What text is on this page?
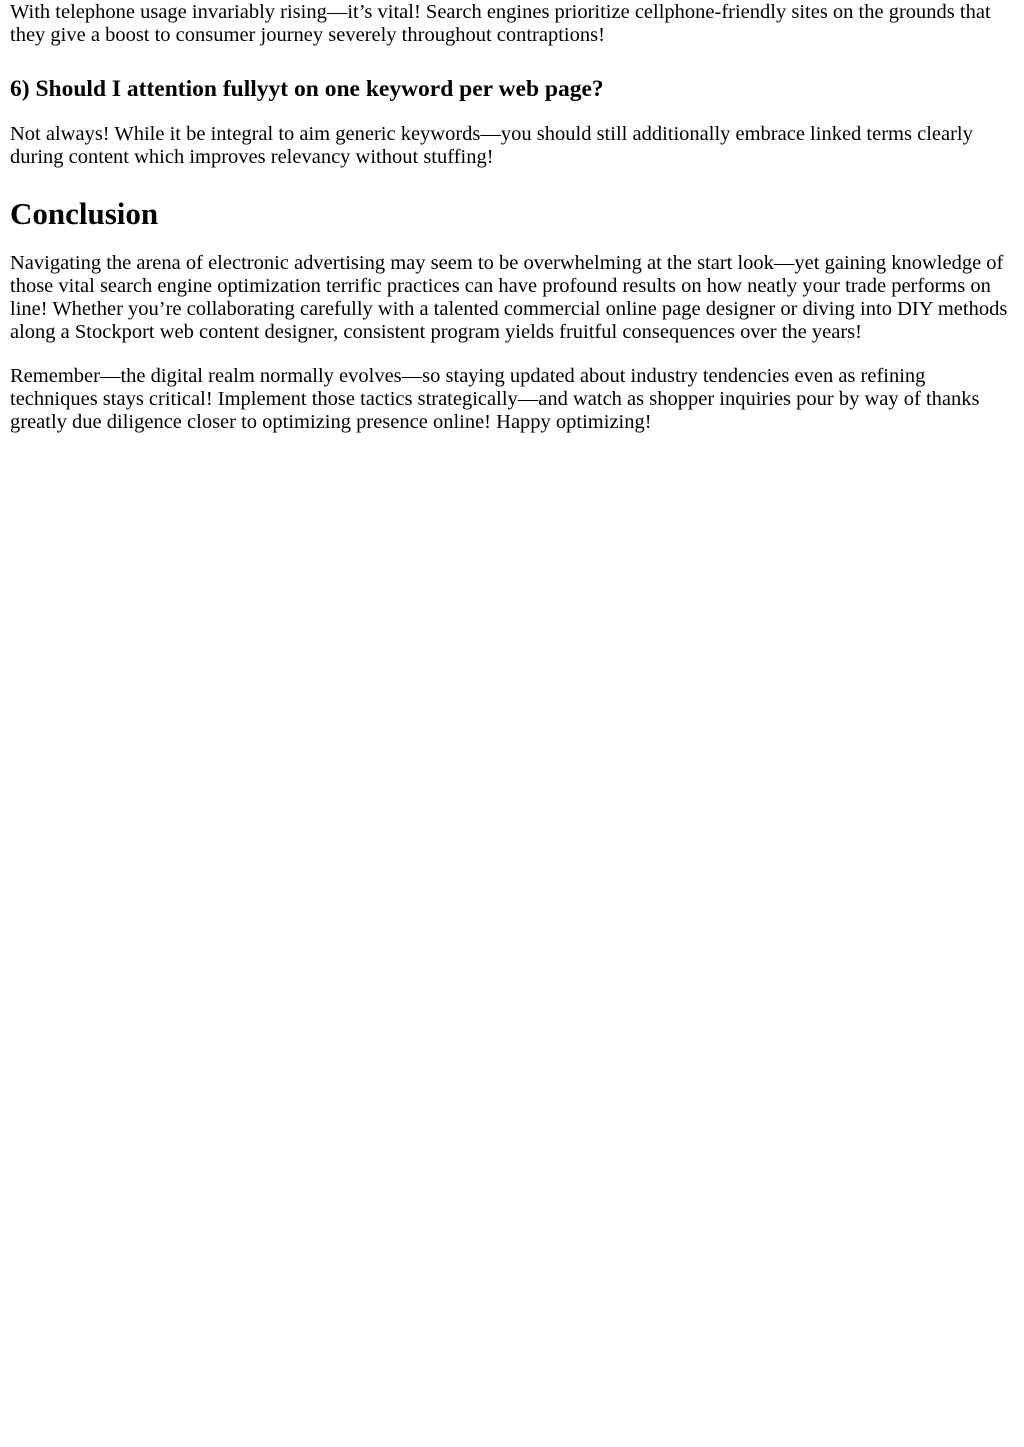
With telephone usage invariably rising—it’s vital! Search engines prioritize cellphone-friendly sites on the grounds that they give a boost to consumer journey severely throughout contraptions!

6) Should I attention fullyyt on one keyword per web page?

Not always! While it be integral to aim generic keywords—you should still additionally embrace linked terms clearly during content which improves relevancy without stuffing!

Conclusion

Navigating the arena of electronic advertising may seem to be overwhelming at the start look—yet gaining knowledge of those vital search engine optimization terrific practices can have profound results on how neatly your trade performs on line! Whether you’re collaborating carefully with a talented commercial online page designer or diving into DIY methods along a Stockport web content designer, consistent program yields fruitful consequences over the years!

Remember—the digital realm normally evolves—so staying updated about industry tendencies even as refining techniques stays critical! Implement those tactics strategically—and watch as shopper inquiries pour by way of thanks greatly due diligence closer to optimizing presence online! Happy optimizing!
